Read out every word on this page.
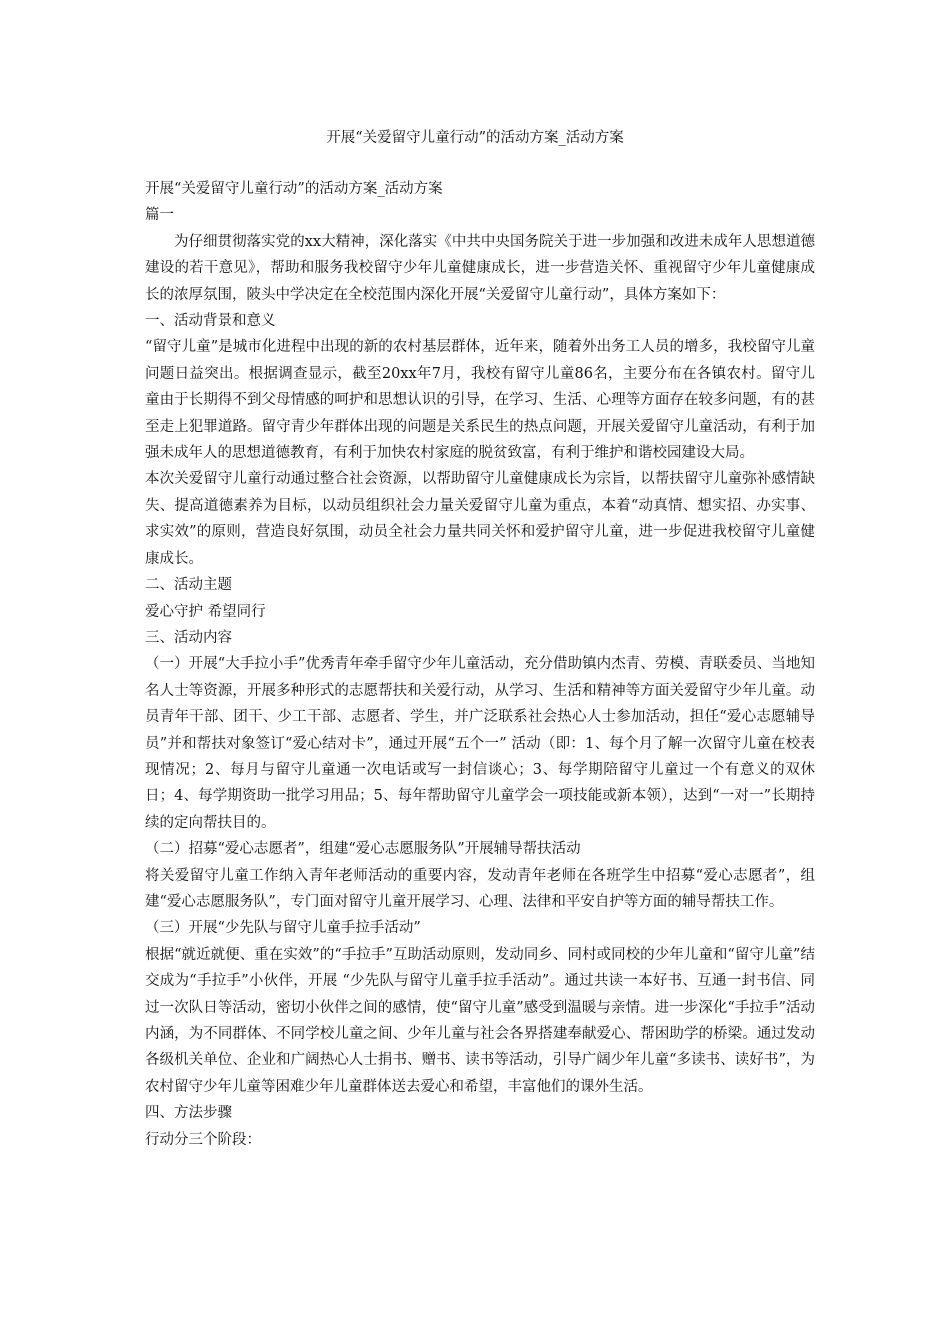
开展“关爱留守儿童行动”的活动方案_活动方案

开展“关爱留守儿童行动”的活动方案_活动方案

篇一

为仔细贯彻落实党的xx大精神，深化落实《中共中央国务院关于进一步加强和改进未成年人思想道德建设的若干意见》，帮助和服务我校留守少年儿童健康成长，进一步营造关怀、重视留守少年儿童健康成长的浓厚氛围，陂头中学决定在全校范围内深化开展“关爱留守儿童行动”，具体方案如下：

一、活动背景和意义

“留守儿童”是城市化进程中出现的新的农村基层群体，近年来，随着外出务工人员的增多，我校留守儿童问题日益突出。根据调查显示，截至20xx年7月，我校有留守儿童86名，主要分布在各镇农村。留守儿童由于长期得不到父母情感的呵护和思想认识的引导，在学习、生活、心理等方面存在较多问题，有的甚至走上犯罪道路。留守青少年群体出现的问题是关系民生的热点问题，开展关爱留守儿童活动，有利于加强未成年人的思想道德教育，有利于加快农村家庭的脱贫致富，有利于维护和谐校园建设大局。

本次关爱留守儿童行动通过整合社会资源，以帮助留守儿童健康成长为宗旨，以帮扶留守儿童弥补感情缺失、提高道德素养为目标，以动员组织社会力量关爱留守儿童为重点，本着“动真情、想实招、办实事、求实效”的原则，营造良好氛围，动员全社会力量共同关怀和爱护留守儿童，进一步促进我校留守儿童健康成长。

二、活动主题

爱心守护 希望同行

三、活动内容

（一）开展“大手拉小手”优秀青年牵手留守少年儿童活动，充分借助镇内杰青、劳模、青联委员、当地知名人士等资源，开展多种形式的志愿帮扶和关爱行动，从学习、生活和精神等方面关爱留守少年儿童。动员青年干部、团干、少工干部、志愿者、学生，并广泛联系社会热心人士参加活动，担任“爱心志愿辅导员”并和帮扶对象签订“爱心结对卡”，通过开展“五个一” 活动（即：1、每个月了解一次留守儿童在校表现情况；2、每月与留守儿童通一次电话或写一封信谈心；3、每学期陪留守儿童过一个有意义的双休日；4、每学期资助一批学习用品；5、每年帮助留守儿童学会一项技能或新本领），达到“一对一”长期持续的定向帮扶目的。

（二）招募“爱心志愿者”，组建“爱心志愿服务队”开展辅导帮扶活动

将关爱留守儿童工作纳入青年老师活动的重要内容，发动青年老师在各班学生中招募“爱心志愿者”，组建“爱心志愿服务队”，专门面对留守儿童开展学习、心理、法律和平安自护等方面的辅导帮扶工作。

（三）开展“少先队与留守儿童手拉手活动”

根据“就近就便、重在实效”的“手拉手”互助活动原则，发动同乡、同村或同校的少年儿童和“留守儿童”结交成为“手拉手”小伙伴，开展 “少先队与留守儿童手拉手活动”。通过共读一本好书、互通一封书信、同过一次队日等活动，密切小伙伴之间的感情，使“留守儿童”感受到温暖与亲情。进一步深化“手拉手”活动内涵，为不同群体、不同学校儿童之间、少年儿童与社会各界搭建奉献爱心、帮困助学的桥梁。通过发动各级机关单位、企业和广阔热心人士捐书、赠书、读书等活动，引导广阔少年儿童“多读书、读好书”，为农村留守少年儿童等困难少年儿童群体送去爱心和希望，丰富他们的课外生活。

四、方法步骤

行动分三个阶段：
